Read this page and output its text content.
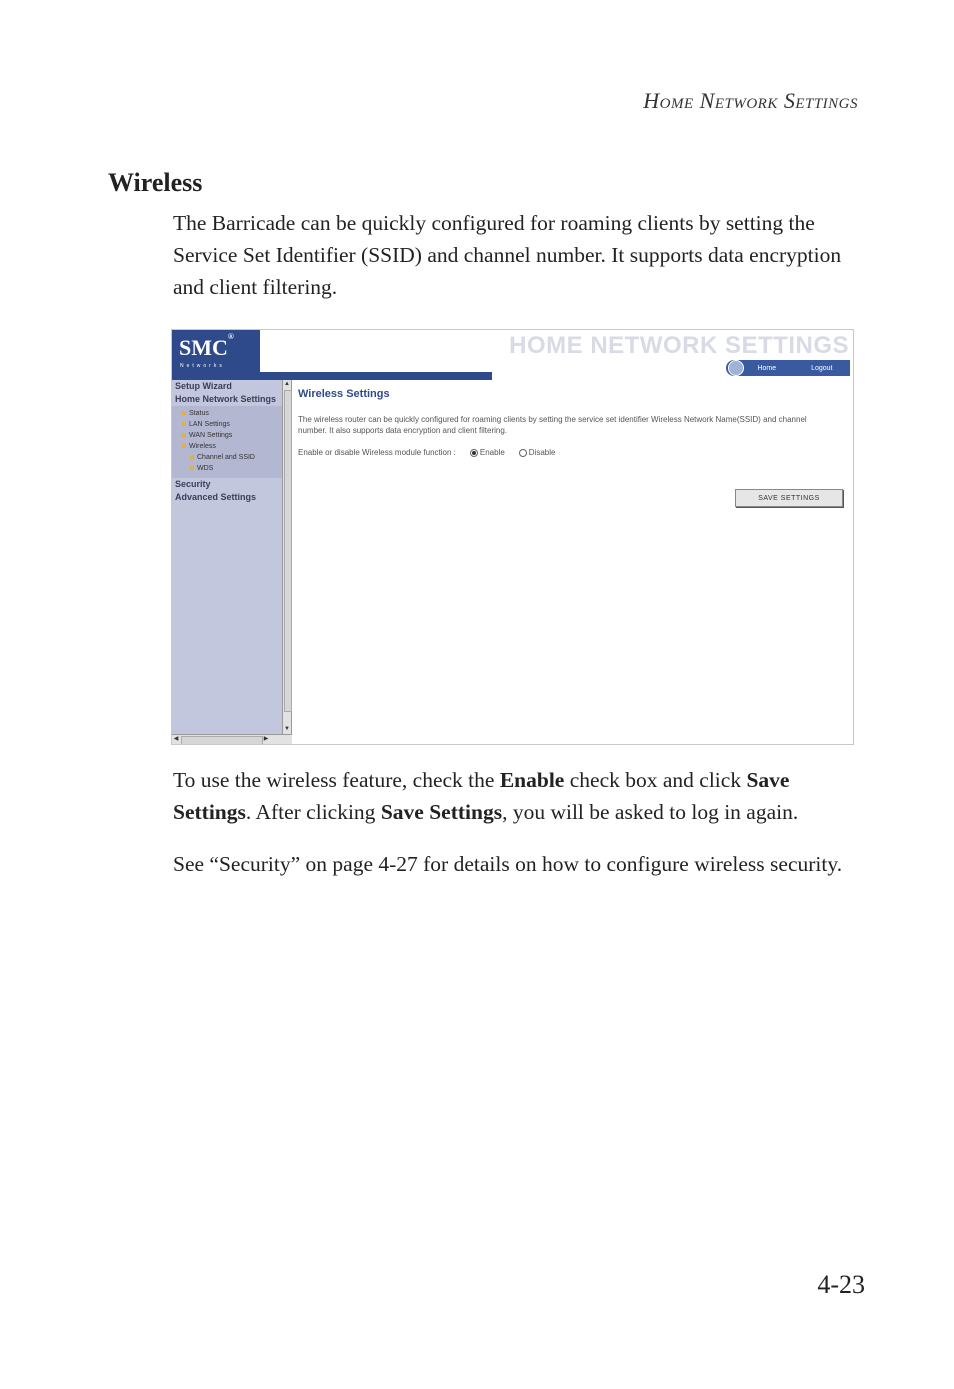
Home Network Settings
Wireless
The Barricade can be quickly configured for roaming clients by setting the Service Set Identifier (SSID) and channel number. It supports data encryption and client filtering.
SMC®
Networks
HOME NETWORK SETTINGS
Home	Logout
Setup Wizard
Home Network Settings
Status
LAN Settings
WAN Settings
Wireless
Channel and SSID
WDS
Security
Advanced Settings
▲
▼
◀	▶
Wireless Settings
The wireless router can be quickly configured for roaming clients by setting the service set identifier Wireless Network Name(SSID) and channel number. It also supports data encryption and client filtering.
Enable or disable Wireless module function :	Enable	Disable
SAVE SETTINGS
To use the wireless feature, check the Enable check box and click Save Settings. After clicking Save Settings, you will be asked to log in again.
See “Security” on page 4-27 for details on how to configure wireless security.
4-23
